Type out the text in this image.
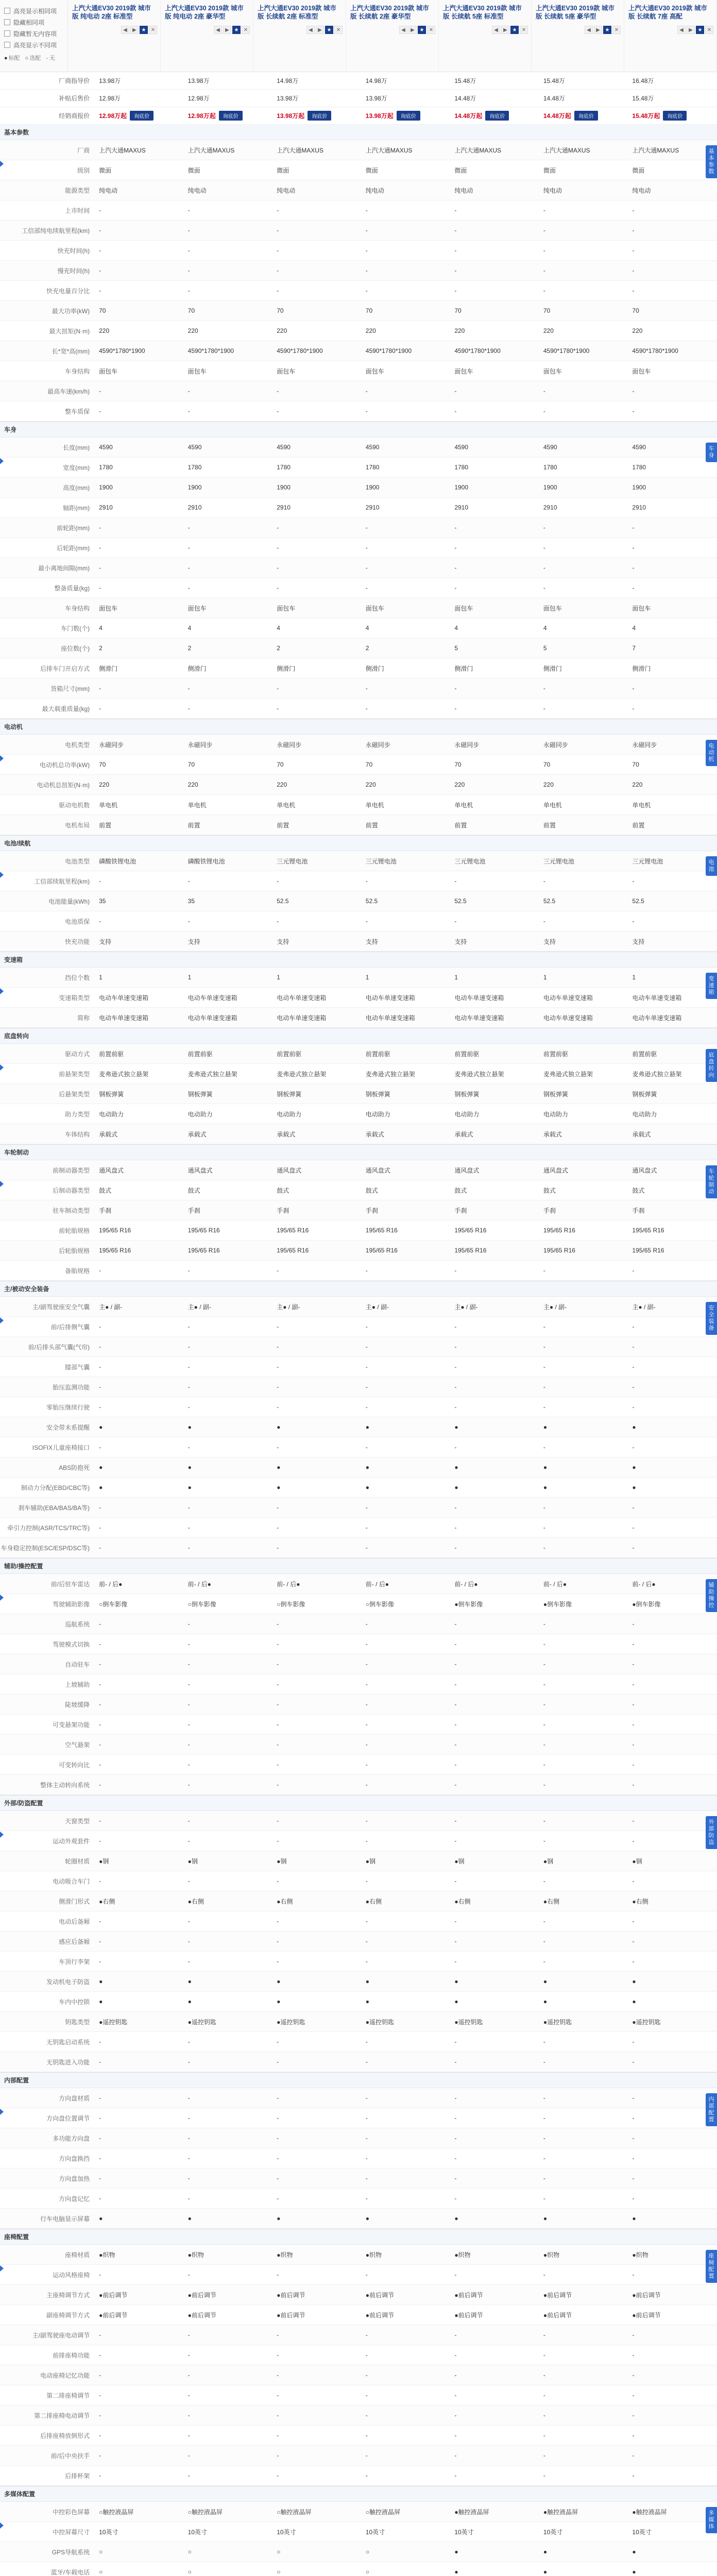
高亮显示相同项
隐藏相同项
隐藏暂无内容项
高亮显示不同项
● 标配
○	选配 - 无
上汽大通EV30 2019款 城市版 纯电动 2座 标准型
◀	▶ ★ ✕
上汽大通EV30 2019款 城市版 纯电动 2座 豪华型
◀	▶ ★ ✕
上汽大通EV30 2019款 城市版 长续航 2座 标准型
◀	▶ ★ ✕
上汽大通EV30 2019款 城市版 长续航 2座 豪华型
◀	▶ ★ ✕
上汽大通EV30 2019款 城市版 长续航 5座 标准型
◀	▶ ★ ✕
上汽大通EV30 2019款 城市版 长续航 5座 豪华型
◀	▶ ★ ✕
上汽大通EV30 2019款 城市版 长续航 7座 高配
◀	▶ ★ ✕
厂商指导价	13.98万	13.98万	14.98万	14.98万	15.48万	15.48万	16.48万
补贴后售价	12.98万	12.98万	13.98万	13.98万	14.48万	14.48万	15.48万
经销商报价	12.98万起	询底价	12.98万起	询底价	13.98万起	询底价	13.98万起	询底价	14.48万起	询底价	14.48万起	询底价	15.48万起	询底价
基本参数
厂商	上汽大通MAXUS	上汽大通MAXUS	上汽大通MAXUS	上汽大通MAXUS	上汽大通MAXUS	上汽大通MAXUS	上汽大通MAXUS
级别	微面	微面	微面	微面	微面	微面	微面
能源类型	纯电动	纯电动	纯电动	纯电动	纯电动	纯电动	纯电动
上市时间	-	-	-	-	-	-	-
工信部纯电续航里程(km)	-	-	-	-	-	-	-
快充时间(h)	-	-	-	-	-	-	-
慢充时间(h)	-	-	-	-	-	-	-
快充电量百分比	-	-	-	-	-	-	-
最大功率(kW)	70	70	70	70	70	70	70
最大扭矩(N·m)	220	220	220	220	220	220	220
长*宽*高(mm)	4590*1780*1900	4590*1780*1900	4590*1780*1900	4590*1780*1900	4590*1780*1900	4590*1780*1900	4590*1780*1900
车身结构	面包车	面包车	面包车	面包车	面包车	面包车	面包车
最高车速(km/h)	-	-	-	-	-	-	-
整车质保	-	-	-	-	-	-	-
基本参数
车身
长度(mm)	4590	4590	4590	4590	4590	4590	4590
宽度(mm)	1780	1780	1780	1780	1780	1780	1780
高度(mm)	1900	1900	1900	1900	1900	1900	1900
轴距(mm)	2910	2910	2910	2910	2910	2910	2910
前轮距(mm)	-	-	-	-	-	-	-
后轮距(mm)	-	-	-	-	-	-	-
最小离地间隙(mm)	-	-	-	-	-	-	-
整备质量(kg)	-	-	-	-	-	-	-
车身结构	面包车	面包车	面包车	面包车	面包车	面包车	面包车
车门数(个)	4	4	4	4	4	4	4
座位数(个)	2	2	2	2	5	5	7
后排车门开启方式	侧滑门	侧滑门	侧滑门	侧滑门	侧滑门	侧滑门	侧滑门
货箱尺寸(mm)	-	-	-	-	-	-	-
最大载重质量(kg)	-	-	-	-	-	-	-
车身
电动机
电机类型	永磁同步	永磁同步	永磁同步	永磁同步	永磁同步	永磁同步	永磁同步
电动机总功率(kW)	70	70	70	70	70	70	70
电动机总扭矩(N·m)	220	220	220	220	220	220	220
驱动电机数	单电机	单电机	单电机	单电机	单电机	单电机	单电机
电机布局	前置	前置	前置	前置	前置	前置	前置
电动机
电池/续航
电池类型	磷酸铁锂电池	磷酸铁锂电池	三元锂电池	三元锂电池	三元锂电池	三元锂电池	三元锂电池
工信部续航里程(km)	-	-	-	-	-	-	-
电池能量(kWh)	35	35	52.5	52.5	52.5	52.5	52.5
电池质保	-	-	-	-	-	-	-
快充功能	支持	支持	支持	支持	支持	支持	支持
电池
变速箱
挡位个数	1	1	1	1	1	1	1
变速箱类型	电动车单速变速箱	电动车单速变速箱	电动车单速变速箱	电动车单速变速箱	电动车单速变速箱	电动车单速变速箱	电动车单速变速箱
简称	电动车单速变速箱	电动车单速变速箱	电动车单速变速箱	电动车单速变速箱	电动车单速变速箱	电动车单速变速箱	电动车单速变速箱
变速箱
底盘转向
驱动方式	前置前驱	前置前驱	前置前驱	前置前驱	前置前驱	前置前驱	前置前驱
前悬架类型	麦弗逊式独立悬架	麦弗逊式独立悬架	麦弗逊式独立悬架	麦弗逊式独立悬架	麦弗逊式独立悬架	麦弗逊式独立悬架	麦弗逊式独立悬架
后悬架类型	钢板弹簧	钢板弹簧	钢板弹簧	钢板弹簧	钢板弹簧	钢板弹簧	钢板弹簧
助力类型	电动助力	电动助力	电动助力	电动助力	电动助力	电动助力	电动助力
车体结构	承载式	承载式	承载式	承载式	承载式	承载式	承载式
底盘转向
车轮制动
前制动器类型	通风盘式	通风盘式	通风盘式	通风盘式	通风盘式	通风盘式	通风盘式
后制动器类型	鼓式	鼓式	鼓式	鼓式	鼓式	鼓式	鼓式
驻车制动类型	手刹	手刹	手刹	手刹	手刹	手刹	手刹
前轮胎规格	195/65 R16	195/65 R16	195/65 R16	195/65 R16	195/65 R16	195/65 R16	195/65 R16
后轮胎规格	195/65 R16	195/65 R16	195/65 R16	195/65 R16	195/65 R16	195/65 R16	195/65 R16
备胎规格	-	-	-	-	-	-	-
车轮制动
主/被动安全装备
主/副驾驶座安全气囊	主● / 副-	主● / 副-	主● / 副-	主● / 副-	主● / 副-	主● / 副-	主● / 副-
前/后排侧气囊	-	-	-	-	-	-	-
前/后排头部气囊(气帘)	-	-	-	-	-	-	-
膝部气囊	-	-	-	-	-	-	-
胎压监测功能	-	-	-	-	-	-	-
零胎压继续行驶	-	-	-	-	-	-	-
安全带未系提醒	●	●	●	●	●	●	●
ISOFIX儿童座椅接口	-	-	-	-	-	-	-
ABS防抱死	●	●	●	●	●	●	●
制动力分配(EBD/CBC等)	●	●	●	●	●	●	●
刹车辅助(EBA/BAS/BA等)	-	-	-	-	-	-	-
牵引力控制(ASR/TCS/TRC等)	-	-	-	-	-	-	-
车身稳定控制(ESC/ESP/DSC等)	-	-	-	-	-	-	-
安全装备
辅助/操控配置
前/后驻车雷达	前- / 后●	前- / 后●	前- / 后●	前- / 后●	前- / 后●	前- / 后●	前- / 后●
驾驶辅助影像	○倒车影像	○倒车影像	○倒车影像	○倒车影像	●倒车影像	●倒车影像	●倒车影像
巡航系统	-	-	-	-	-	-	-
驾驶模式切换	-	-	-	-	-	-	-
自动驻车	-	-	-	-	-	-	-
上坡辅助	-	-	-	-	-	-	-
陡坡缓降	-	-	-	-	-	-	-
可变悬架功能	-	-	-	-	-	-	-
空气悬架	-	-	-	-	-	-	-
可变转向比	-	-	-	-	-	-	-
整体主动转向系统	-	-	-	-	-	-	-
辅助操控
外部/防盗配置
天窗类型	-	-	-	-	-	-	-
运动外观套件	-	-	-	-	-	-	-
轮圈材质	●钢	●钢	●钢	●钢	●钢	●钢	●钢
电动吸合车门	-	-	-	-	-	-	-
侧滑门形式	●右侧	●右侧	●右侧	●右侧	●右侧	●右侧	●右侧
电动后备厢	-	-	-	-	-	-	-
感应后备厢	-	-	-	-	-	-	-
车顶行李架	-	-	-	-	-	-	-
发动机电子防盗	●	●	●	●	●	●	●
车内中控锁	●	●	●	●	●	●	●
钥匙类型	●遥控钥匙	●遥控钥匙	●遥控钥匙	●遥控钥匙	●遥控钥匙	●遥控钥匙	●遥控钥匙
无钥匙启动系统	-	-	-	-	-	-	-
无钥匙进入功能	-	-	-	-	-	-	-
外部防盗
内部配置
方向盘材质	-	-	-	-	-	-	-
方向盘位置调节	-	-	-	-	-	-	-
多功能方向盘	-	-	-	-	-	-	-
方向盘换挡	-	-	-	-	-	-	-
方向盘加热	-	-	-	-	-	-	-
方向盘记忆	-	-	-	-	-	-	-
行车电脑显示屏幕	●	●	●	●	●	●	●
内部配置
座椅配置
座椅材质	●织物	●织物	●织物	●织物	●织物	●织物	●织物
运动风格座椅	-	-	-	-	-	-	-
主座椅调节方式	●前后调节	●前后调节	●前后调节	●前后调节	●前后调节	●前后调节	●前后调节
副座椅调节方式	●前后调节	●前后调节	●前后调节	●前后调节	●前后调节	●前后调节	●前后调节
主/副驾驶座电动调节	-	-	-	-	-	-	-
前排座椅功能	-	-	-	-	-	-	-
电动座椅记忆功能	-	-	-	-	-	-	-
第二排座椅调节	-	-	-	-	-	-	-
第二排座椅电动调节	-	-	-	-	-	-	-
后排座椅放倒形式	-	-	-	-	-	-	-
前/后中央扶手	-	-	-	-	-	-	-
后排杯架	-	-	-	-	-	-	-
座椅配置
多媒体配置
中控彩色屏幕	○触控液晶屏	○触控液晶屏	○触控液晶屏	○触控液晶屏	●触控液晶屏	●触控液晶屏	●触控液晶屏
中控屏幕尺寸	10英寸	10英寸	10英寸	10英寸	10英寸	10英寸	10英寸
GPS导航系统	○	○	○	○	●	●	●
蓝牙/车载电话	○	○	○	○	●	●	●
多媒体
